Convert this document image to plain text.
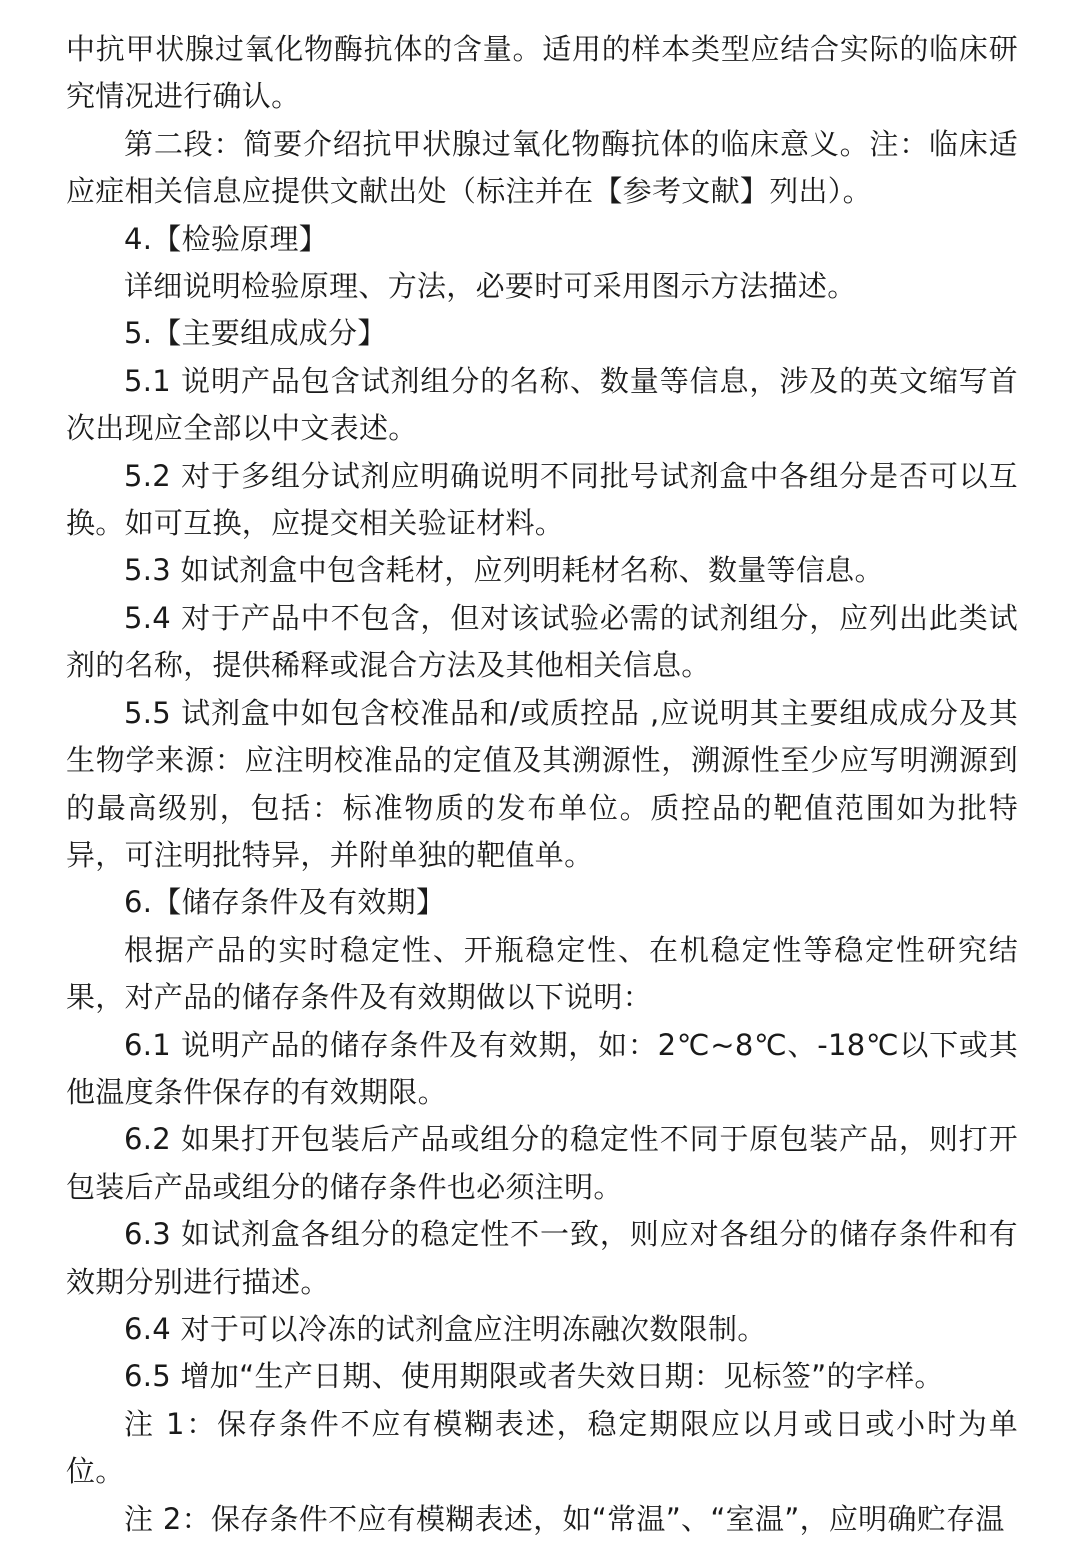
中抗甲状腺过氧化物酶抗体的含量。适用的样本类型应结合实际的临床研究情况进行确认。

第二段：简要介绍抗甲状腺过氧化物酶抗体的临床意义。注：临床适应症相关信息应提供文献出处（标注并在【参考文献】列出）。

4.【检验原理】

详细说明检验原理、方法，必要时可采用图示方法描述。

5.【主要组成成分】

5.1 说明产品包含试剂组分的名称、数量等信息，涉及的英文缩写首次出现应全部以中文表述。

5.2 对于多组分试剂应明确说明不同批号试剂盒中各组分是否可以互换。如可互换，应提交相关验证材料。

5.3 如试剂盒中包含耗材，应列明耗材名称、数量等信息。

5.4 对于产品中不包含，但对该试验必需的试剂组分，应列出此类试剂的名称，提供稀释或混合方法及其他相关信息。

5.5 试剂盒中如包含校准品和/或质控品 ,应说明其主要组成成分及其生物学来源：应注明校准品的定值及其溯源性，溯源性至少应写明溯源到的最高级别，包括：标准物质的发布单位。质控品的靶值范围如为批特异，可注明批特异，并附单独的靶值单。

6.【储存条件及有效期】

根据产品的实时稳定性、开瓶稳定性、在机稳定性等稳定性研究结果，对产品的储存条件及有效期做以下说明：

6.1 说明产品的储存条件及有效期，如：2℃~8℃、-18℃以下或其他温度条件保存的有效期限。

6.2 如果打开包装后产品或组分的稳定性不同于原包装产品，则打开包装后产品或组分的储存条件也必须注明。

6.3 如试剂盒各组分的稳定性不一致，则应对各组分的储存条件和有效期分别进行描述。

6.4 对于可以冷冻的试剂盒应注明冻融次数限制。

6.5 增加“生产日期、使用期限或者失效日期：见标签”的字样。

注 1：保存条件不应有模糊表述，稳定期限应以月或日或小时为单位。

注 2：保存条件不应有模糊表述，如“常温”、“室温”，应明确贮存温
